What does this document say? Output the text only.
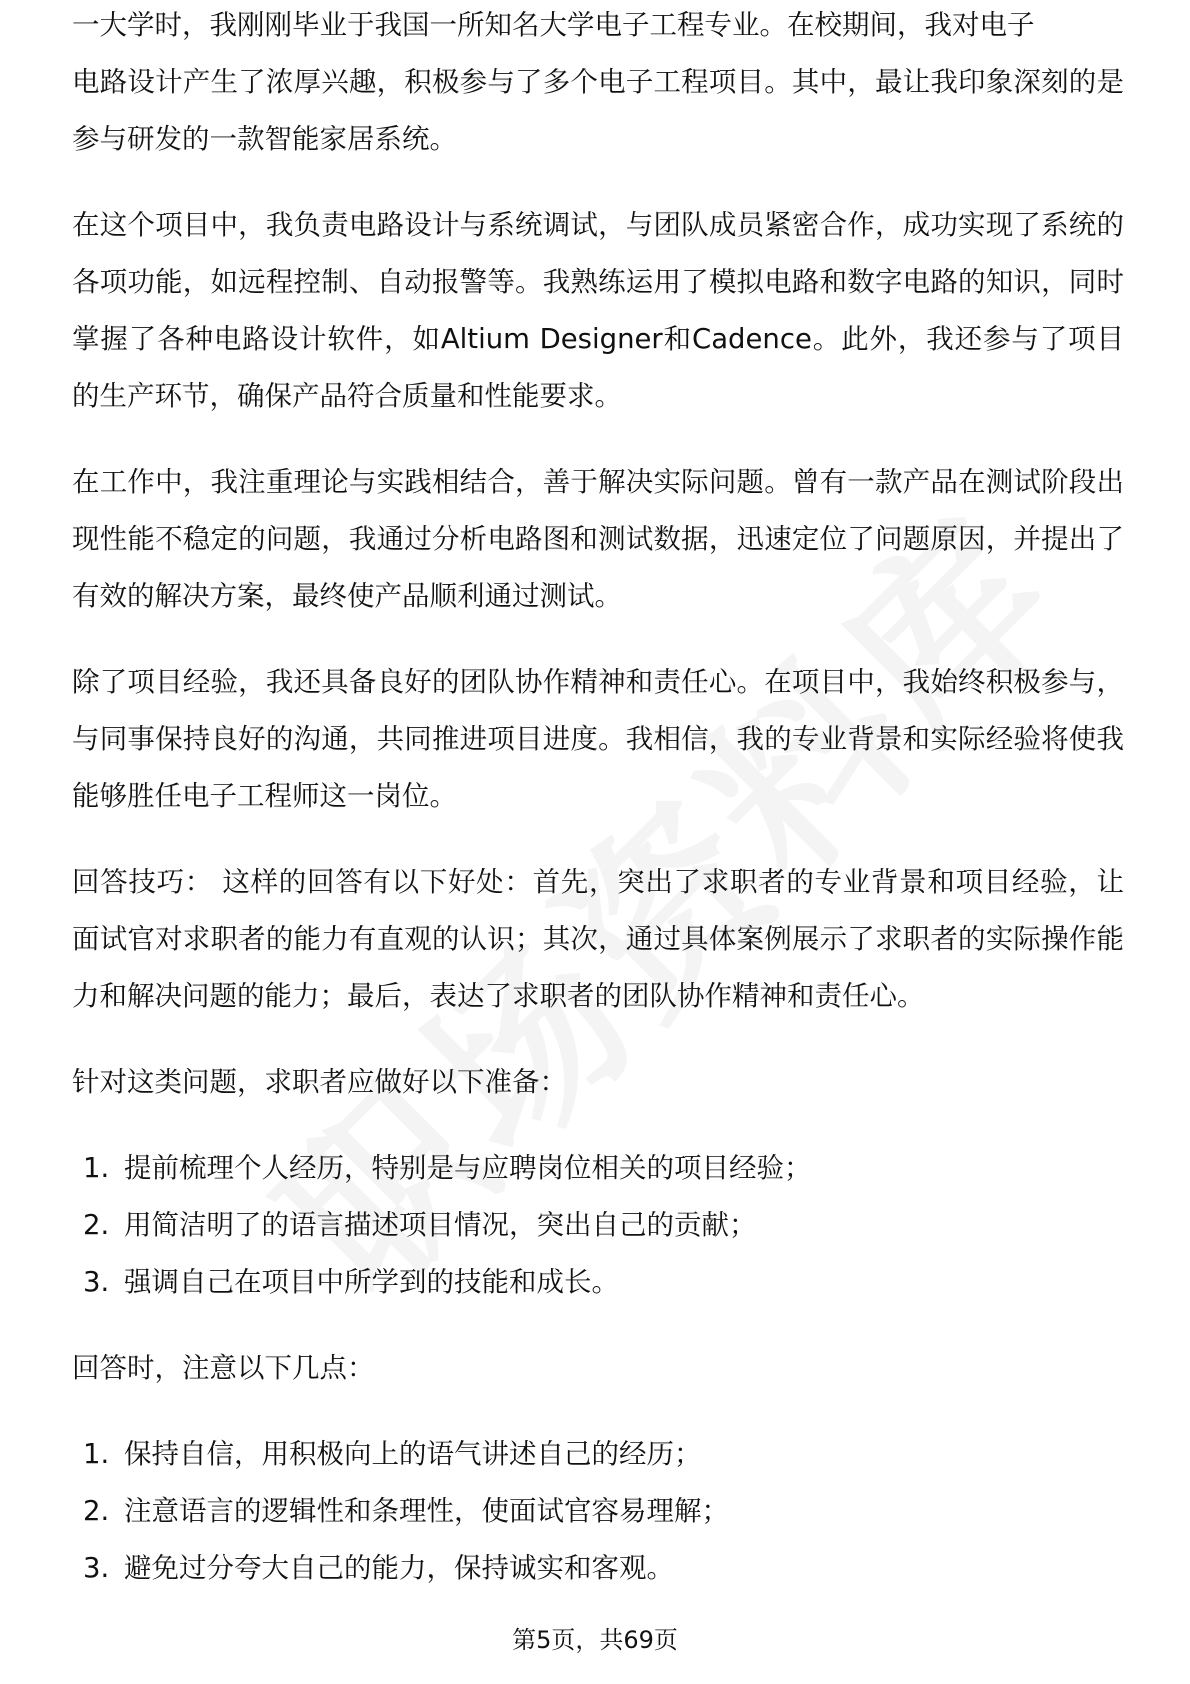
一大学时，我刚刚毕业于我国一所知名大学电子工程专业。在校期间，我对电子

电路设计产生了浓厚兴趣，积极参与了多个电子工程项目。其中，最让我印象深刻的是参与研发的一款智能家居系统。

在这个项目中，我负责电路设计与系统调试，与团队成员紧密合作，成功实现了系统的各项功能，如远程控制、自动报警等。我熟练运用了模拟电路和数字电路的知识，同时掌握了各种电路设计软件，如Altium Designer和Cadence。此外，我还参与了项目的生产环节，确保产品符合质量和性能要求。

在工作中，我注重理论与实践相结合，善于解决实际问题。曾有一款产品在测试阶段出现性能不稳定的问题，我通过分析电路图和测试数据，迅速定位了问题原因，并提出了有效的解决方案，最终使产品顺利通过测试。

除了项目经验，我还具备良好的团队协作精神和责任心。在项目中，我始终积极参与，与同事保持良好的沟通，共同推进项目进度。我相信，我的专业背景和实际经验将使我能够胜任电子工程师这一岗位。

回答技巧： 这样的回答有以下好处：首先，突出了求职者的专业背景和项目经验，让面试官对求职者的能力有直观的认识；其次，通过具体案例展示了求职者的实际操作能力和解决问题的能力；最后，表达了求职者的团队协作精神和责任心。

针对这类问题，求职者应做好以下准备：

1. 提前梳理个人经历，特别是与应聘岗位相关的项目经验；
2. 用简洁明了的语言描述项目情况，突出自己的贡献；
3. 强调自己在项目中所学到的技能和成长。

回答时，注意以下几点：

1. 保持自信，用积极向上的语气讲述自己的经历；
2. 注意语言的逻辑性和条理性，使面试官容易理解；
3. 避免过分夸大自己的能力，保持诚实和客观。
第5页，共69页
